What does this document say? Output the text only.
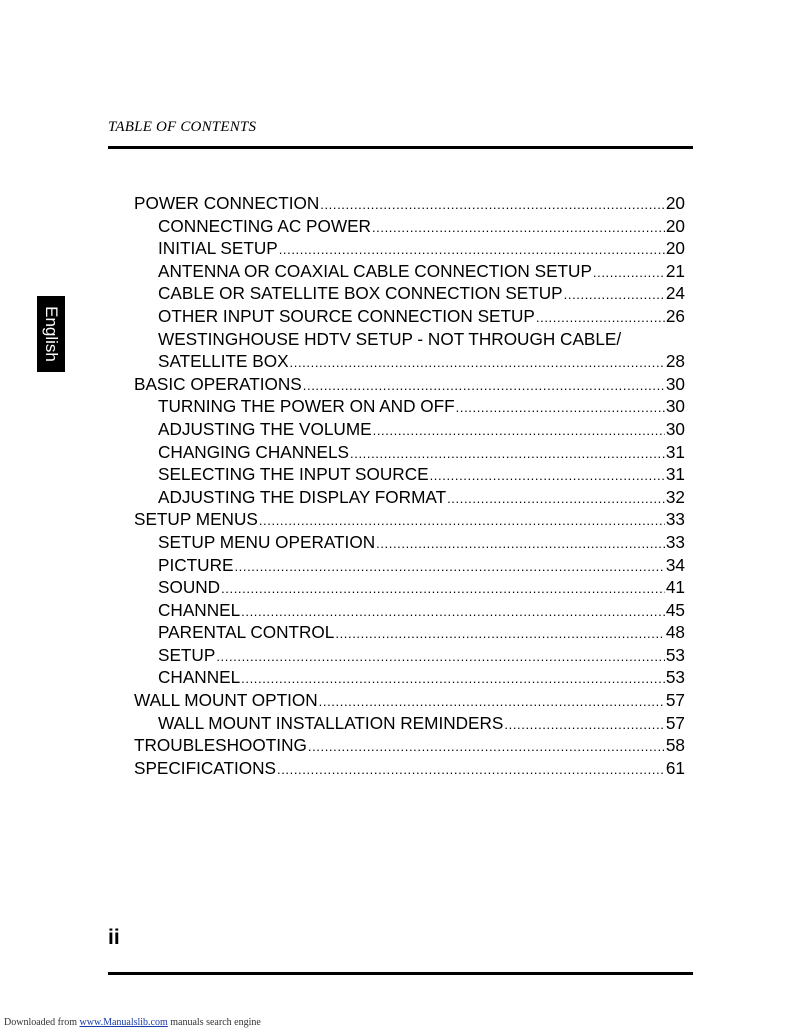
TABLE OF CONTENTS
English
POWER CONNECTION .....	20
CONNECTING AC POWER .....	20
INITIAL SETUP .....	20
ANTENNA OR COAXIAL CABLE CONNECTION SETUP .....	21
CABLE OR SATELLITE BOX CONNECTION SETUP .....	24
OTHER INPUT SOURCE CONNECTION SETUP .....	26
WESTINGHOUSE HDTV SETUP - NOT THROUGH CABLE/
SATELLITE BOX .....	28
BASIC OPERATIONS .....	30
TURNING THE POWER ON AND OFF .....	30
ADJUSTING THE VOLUME .....	30
CHANGING CHANNELS .....	31
SELECTING THE INPUT SOURCE .....	31
ADJUSTING THE DISPLAY FORMAT .....	32
SETUP MENUS .....	33
SETUP MENU OPERATION .....	33
PICTURE .....	34
SOUND .....	41
CHANNEL .....	45
PARENTAL CONTROL .....	48
SETUP .....	53
CHANNEL .....	53
WALL MOUNT OPTION .....	57
WALL MOUNT INSTALLATION REMINDERS .....	57
TROUBLESHOOTING .....	58
SPECIFICATIONS .....	61
ii
Downloaded from www.Manualslib.com manuals search engine
